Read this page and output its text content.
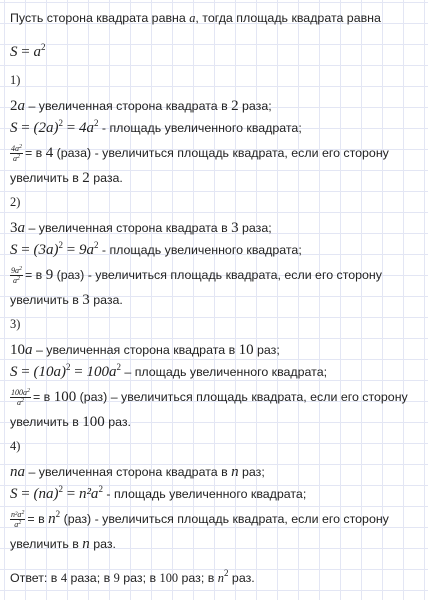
Пусть сторона квадрата равна a, тогда площадь квадрата равна
$S = a^2$
1)
2a – увеличенная сторона квадрата в 2 раза;
$S = (2a)^2 = 4a^2$ - площадь увеличенного квадрата;
$\frac{4a^2}{a^2} = в$ 4 (раза) - увеличиться площадь квадрата, если его сторону
увеличить в 2 раза.
2)
3a – увеличенная сторона квадрата в 3 раза;
$S = (3a)^2 = 9a^2$ - площадь увеличенного квадрата;
$\frac{9a^2}{a^2} = в$ 9 (раз) - увеличиться площадь квадрата, если его сторону
увеличить в 3 раза.
3)
10a – увеличенная сторона квадрата в 10 раз;
$S = (10a)^2 = 100a^2$ – площадь увеличенного квадрата;
$\frac{100a^2}{a^2} = в$ 100 (раз) – увеличиться площадь квадрата, если его сторону
увеличить в 100 раз.
4)
na – увеличенная сторона квадрата в n раз;
$S = (na)^2 = n^2a^2$ - площадь увеличенного квадрата;
$\frac{n^2a^2}{a^2} = в$ $n^2$ (раз) - увеличиться площадь квадрата, если его сторону
увеличить в n раз.
Ответ: в 4 раза; в 9 раз; в 100 раз; в $n^2$ раз.
